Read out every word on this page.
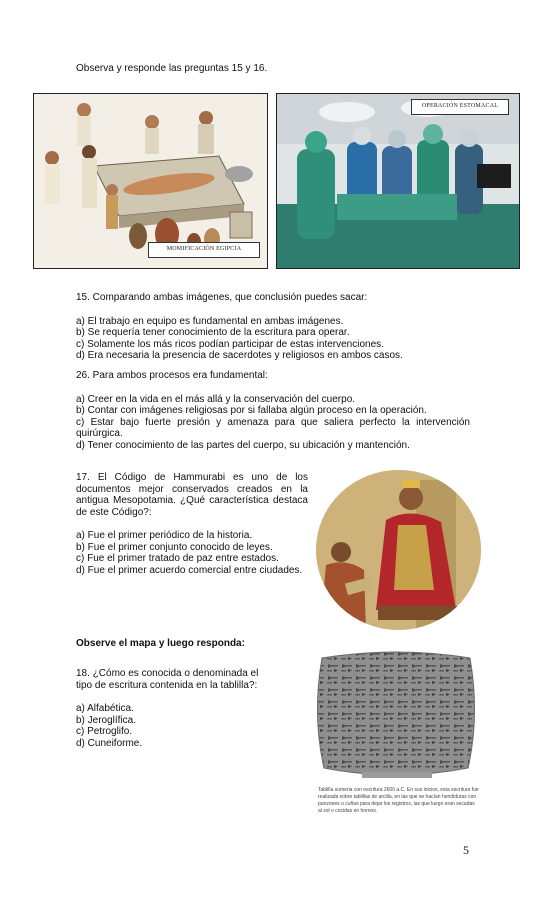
Observa y responde las preguntas 15 y 16.
MOMIFICACIÓN EGIPCIA
OPERACIÓN ESTOMACAL

15. Comparando ambas imágenes, que conclusión puedes sacar:

a) El trabajo en equipo es fundamental en ambas imágenes.

b) Se requería tener conocimiento de la escritura para operar.

c) Solamente los más ricos podían participar de estas intervenciones.

d) Era necesaria la presencia de sacerdotes y religiosos en ambos casos.

26. Para ambos procesos era fundamental:

a) Creer en la vida en el más allá y la conservación del cuerpo.

b) Contar con imágenes religiosas por si fallaba algún proceso en la operación.

c) Estar bajo fuerte presión y amenaza para que saliera perfecto la intervención quirúrgica.

d) Tener conocimiento de las partes del cuerpo, su ubicación y mantención.

17. El Código de Hammurabi es uno de los documentos mejor conservados creados en la antigua Mesopotamia. ¿Qué característica destaca de este Código?:

a) Fue el primer periódico de la historia.

b) Fue el primer conjunto conocido de leyes.

c) Fue el primer tratado de paz entre estados.

d) Fue el primer acuerdo comercial entre ciudades.

Observe el mapa y luego responda:

18. ¿Cómo es conocida o denominada el tipo de escritura contenida en la tablilla?:

a) Alfabética.

b) Jeroglífica.

c) Petroglifo.

d) Cuneiforme.

Tablilla sumeria con escritura 2600 a.C. En sus inicios, esta escritura fue realizada sobre tablillas de arcilla, en las que se hacían hendiduras con punzones o cuñas para dejar los registros, las que luego eran secadas al sol o cocidas en hornos.
5
